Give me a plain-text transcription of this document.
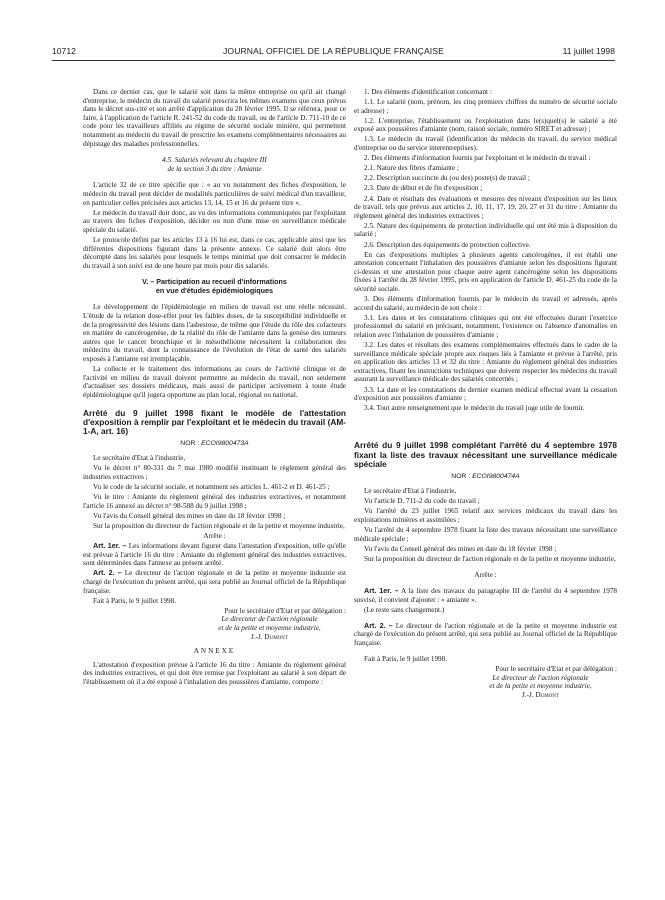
10712	JOURNAL OFFICIEL DE LA RÉPUBLIQUE FRANÇAISE	11 juillet 1998

Dans ce dernier cas, que le salarié soit dans la même entreprise ou qu'il ait changé d'entreprise, le médecin du travail du salarié prescrira les mêmes examens que ceux prévus dans le décret sus-cité et son arrêté d'application du 28 février 1995. Il se référera, pour ce faire, à l'application de l'article R. 241-52 du code du travail, ou de l'article D. 711-10 de ce code pour les travailleurs affiliés au régime de sécurité sociale minière, qui permettent notamment au médecin du travail de prescrire les examens complémentaires nécessaires au dépistage des maladies professionnelles.

4.5. Salariés relevant du chapitre III
de la section 3 du titre : Amiante

L'article 32 de ce titre spécifie que : « au vu notamment des fiches d'exposition, le médecin du travail peut décider de modalités particulières de suivi médical d'un travailleur, en particulier celles précisées aux articles 13, 14, 15 et 16 du présent titre ».

Le médecin du travail doit donc, au vu des informations communiquées par l'exploitant au travers des fiches d'exposition, décider ou non d'une mise en surveillance médicale spéciale du salarié.

Le protocole défini par les articles 13 à 16 lui est, dans ce cas, applicable ainsi que les différentes dispositions figurant dans la présente annexe. Ce salarié doit alors être décompté dans les salariés pour lesquels le temps minimal que doit consacrer le médecin du travail à son suivi est de une heure par mois pour dix salariés.

V. – Participation au recueil d'informations
en vue d'études épidémiologiques

Le développement de l'épidémiologie en milieu de travail est une réelle nécessité. L'étude de la relation dose-effet pour les faibles doses, de la susceptibilité individuelle et de la progressivité des lésions dans l'asbestose, de même que l'étude du rôle des cofacteurs en matière de cancérogenèse, de la réalité du rôle de l'amiante dans la genèse des tumeurs autres que le cancer bronchique et le mésothéliome nécessitent la collaboration des médecins du travail, dont la connaissance de l'évolution de l'état de santé des salariés exposés à l'amiante est irremplaçable.

La collecte et le traitement des informations au cours de l'activité clinique et de l'activité en milieu de travail doivent permettre au médecin du travail, non seulement d'actualiser ses dossiers médicaux, mais aussi de participer activement à toute étude épidémiologique qu'il jugera opportune au plan local, régional ou national.

Arrêté du 9 juillet 1998 fixant le modèle de l'attestation d'exposition à remplir par l'exploitant et le médecin du travail (AM-1-A, art. 16)
NOR : ECOI9800473A

Le secrétaire d'Etat à l'industrie,

Vu le décret n° 80-331 du 7 mai 1980 modifié instituant le règlement général des industries extractives ;

Vu le code de la sécurité sociale, et notamment ses articles L. 461-2 et D. 461-25 ;

Vu le titre : Amiante du règlement général des industries extractives, et notamment l'article 16 annexé au décret n° 98-588 du 9 juillet 1998 ;

Vu l'avis du Conseil général des mines en date du 18 février 1998 ;

Sur la proposition du directeur de l'action régionale et de la petite et moyenne industrie,

Arrête :

Art. 1er. – Les informations devant figurer dans l'attestation d'exposition, telle qu'elle est prévue à l'article 16 du titre : Amiante du règlement général des industries extractives, sont déterminées dans l'annexe au présent arrêté.

Art. 2. – Le directeur de l'action régionale et de la petite et moyenne industrie est chargé de l'exécution du présent arrêté, qui sera publié au Journal officiel de la République française.

Fait à Paris, le 9 juillet 1998.

Pour le secrétaire d'Etat et par délégation :

Le directeur de l'action régionale

et de la petite et moyenne industrie,

J.-J. Dumont

ANNEXE

L'attestation d'exposition prévue à l'article 16 du titre : Amiante du règlement général des industries extractives, et qui doit être remise par l'exploitant au salarié à son départ de l'établissement où il a été exposé à l'inhalation des poussières d'amiante, comporte :

1. Des éléments d'identification concernant :

1.1. Le salarié (nom, prénom, les cinq premiers chiffres du numéro de sécurité sociale et adresse) ;

1.2. L'entreprise, l'établissement ou l'exploitation dans le(s)quel(s) le salarié a été exposé aux poussières d'amiante (nom, raison sociale, numéro SIRET et adresse) ;

1.3. Le médecin du travail (identification du médecin du travail, du service médical d'entreprise ou du service interentreprises).

2. Des éléments d'information fournis par l'exploitant et le médecin du travail :

2.1. Nature des fibres d'amiante ;

2.2. Description succincte du (ou des) poste(s) de travail ;

2.3. Date de début et de fin d'exposition ;

2.4. Date et résultats des évaluations et mesures des niveaux d'exposition sur les lieux de travail, tels que prévus aux articles 2, 10, 11, 17, 19, 20, 27 et 31 du titre : Amiante du règlement général des industries extractives ;

2.5. Nature des équipements de protection individuelle qui ont été mis à disposition du salarié ;

2.6. Description des équipements de protection collective.

En cas d'expositions multiples à plusieurs agents cancérogènes, il est établi une attestation concernant l'inhalation des poussières d'amiante selon les dispositions figurant ci-dessus et une attestation pour chaque autre agent cancérogène selon les dispositions fixées à l'arrêté du 28 février 1995, pris en application de l'article D. 461-25 du code de la sécurité sociale.

3. Des éléments d'information fournis par le médecin du travail et adressés, après accord du salarié, au médecin de son choix :

3.1. Les dates et les constatations cliniques qui ont été effectuées durant l'exercice professionnel du salarié en précisant, notamment, l'existence ou l'absence d'anomalies en relation avec l'inhalation de poussières d'amiante ;

3.2. Les dates et résultats des examens complémentaires effectués dans le cadre de la surveillance médicale spéciale propre aux risques liés à l'amiante et prévue à l'arrêté, pris en application des articles 13 et 32 du titre : Amiante du règlement général des industries extractives, fixant les instructions techniques que doivent respecter les médecins du travail assurant la surveillance médicale des salariés concernés ;

3.3. La date et les constatations du dernier examen médical effectué avant la cessation d'exposition aux poussières d'amiante ;

3.4. Tout autre renseignement que le médecin du travail juge utile de fournir.

Arrêté du 9 juillet 1998 complétant l'arrêté du 4 septembre 1978 fixant la liste des travaux nécessitant une surveillance médicale spéciale
NOR : ECOI9800474A

Le secrétaire d'Etat à l'industrie,

Vu l'article D. 711-2 du code du travail ;

Vu l'arrêté du 23 juillet 1965 relatif aux services médicaux du travail dans les exploitations minières et assimilées ;

Vu l'arrêté du 4 septembre 1978 fixant la liste des travaux nécessitant une surveillance médicale spéciale ;

Vu l'avis du Conseil général des mines en date du 18 février 1998 ;

Sur la proposition du directeur de l'action régionale et de la petite et moyenne industrie,

Arrête :

Art. 1er. – A la liste des travaux du paragraphe III de l'arrêté du 4 septembre 1978 susvisé, il convient d'ajouter : « amiante ».

(Le reste sans changement.)

Art. 2. – Le directeur de l'action régionale et de la petite et moyenne industrie est chargé de l'exécution du présent arrêté, qui sera publié au Journal officiel de la République française.

Fait à Paris, le 9 juillet 1998.

Pour le secrétaire d'Etat et par délégation :

Le directeur de l'action régionale

et de la petite et moyenne industrie,

J.-J. Dumont
